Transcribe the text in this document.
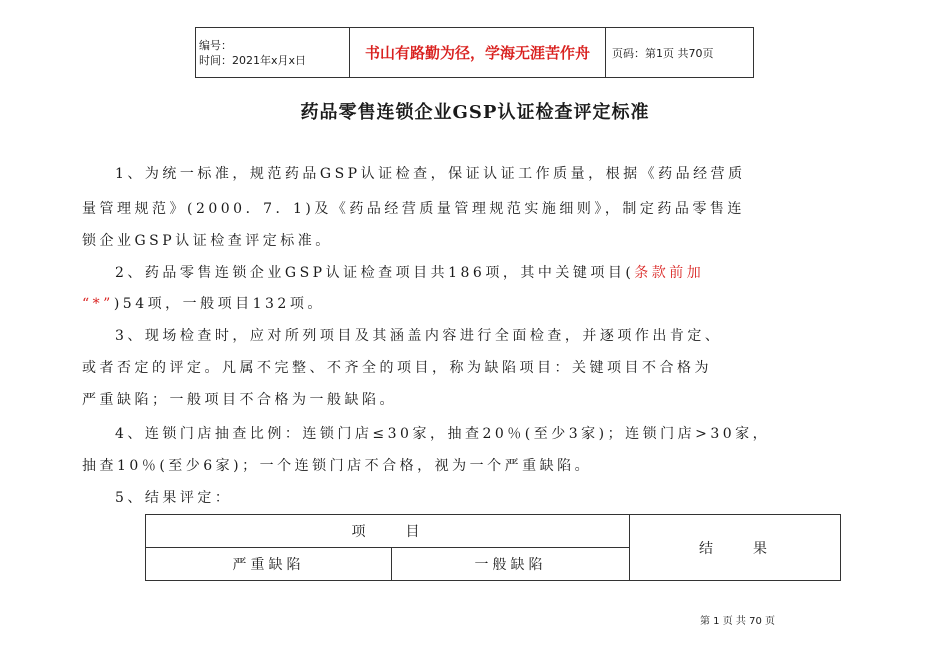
编号：
时间：2021年x月x日	书山有路勤为径，学海无涯苦作舟	页码：第1页 共70页
药品零售连锁企业GSP认证检查评定标准

1、为统一标准，规范药品GSP认证检查，保证认证工作质量，根据《药品经营质

量管理规范》(2000．7．1)及《药品经营质量管理规范实施细则》，制定药品零售连

锁企业GSP认证检查评定标准。

2、药品零售连锁企业GSP认证检查项目共186项，其中关键项目(条款前加

“*”)54项，一般项目132项。

3、现场检查时，应对所列项目及其涵盖内容进行全面检查，并逐项作出肯定、

或者否定的评定。凡属不完整、不齐全的项目，称为缺陷项目：关键项目不合格为

严重缺陷；一般项目不合格为一般缺陷。

4、连锁门店抽查比例：连锁门店≤30家，抽查20％(至少3家)；连锁门店>30家，

抽查10％(至少6家)；一个连锁门店不合格，视为一个严重缺陷。

5、结果评定：

项　　目		结　　果
严重缺陷	一般缺陷	
第 1 页 共 70 页
